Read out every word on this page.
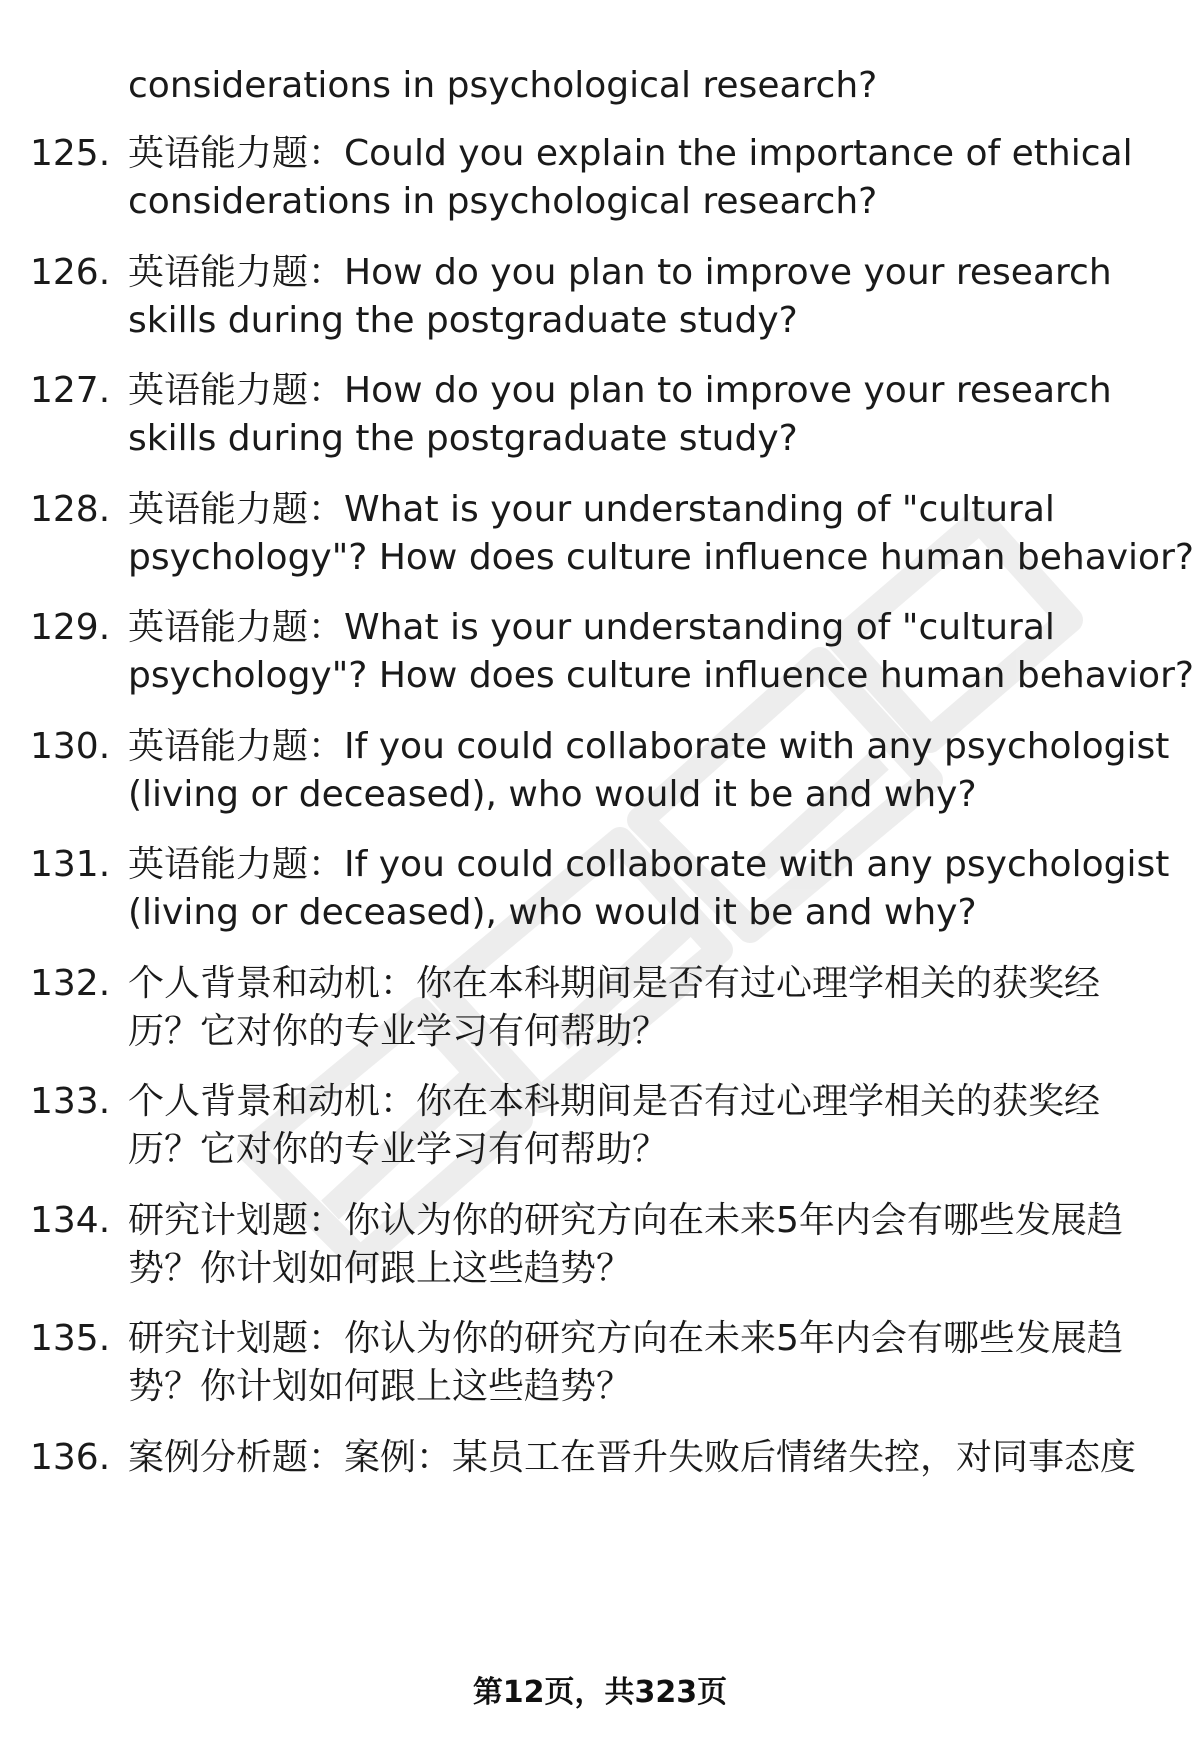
considerations in psychological research?
125. 英语能力题：Could you explain the importance of ethical
considerations in psychological research?
126. 英语能力题：How do you plan to improve your research
skills during the postgraduate study?
127. 英语能力题：How do you plan to improve your research
skills during the postgraduate study?
128. 英语能力题：What is your understanding of "cultural
psychology"? How does culture influence human behavior?
129. 英语能力题：What is your understanding of "cultural
psychology"? How does culture influence human behavior?
130. 英语能力题：If you could collaborate with any psychologist
(living or deceased), who would it be and why?
131. 英语能力题：If you could collaborate with any psychologist
(living or deceased), who would it be and why?
132. 个人背景和动机：你在本科期间是否有过心理学相关的获奖经
历？它对你的专业学习有何帮助？
133. 个人背景和动机：你在本科期间是否有过心理学相关的获奖经
历？它对你的专业学习有何帮助？
134. 研究计划题：你认为你的研究方向在未来5年内会有哪些发展趋
势？你计划如何跟上这些趋势？
135. 研究计划题：你认为你的研究方向在未来5年内会有哪些发展趋
势？你计划如何跟上这些趋势？
136. 案例分析题：案例：某员工在晋升失败后情绪失控，对同事态度
第12页，共323页
